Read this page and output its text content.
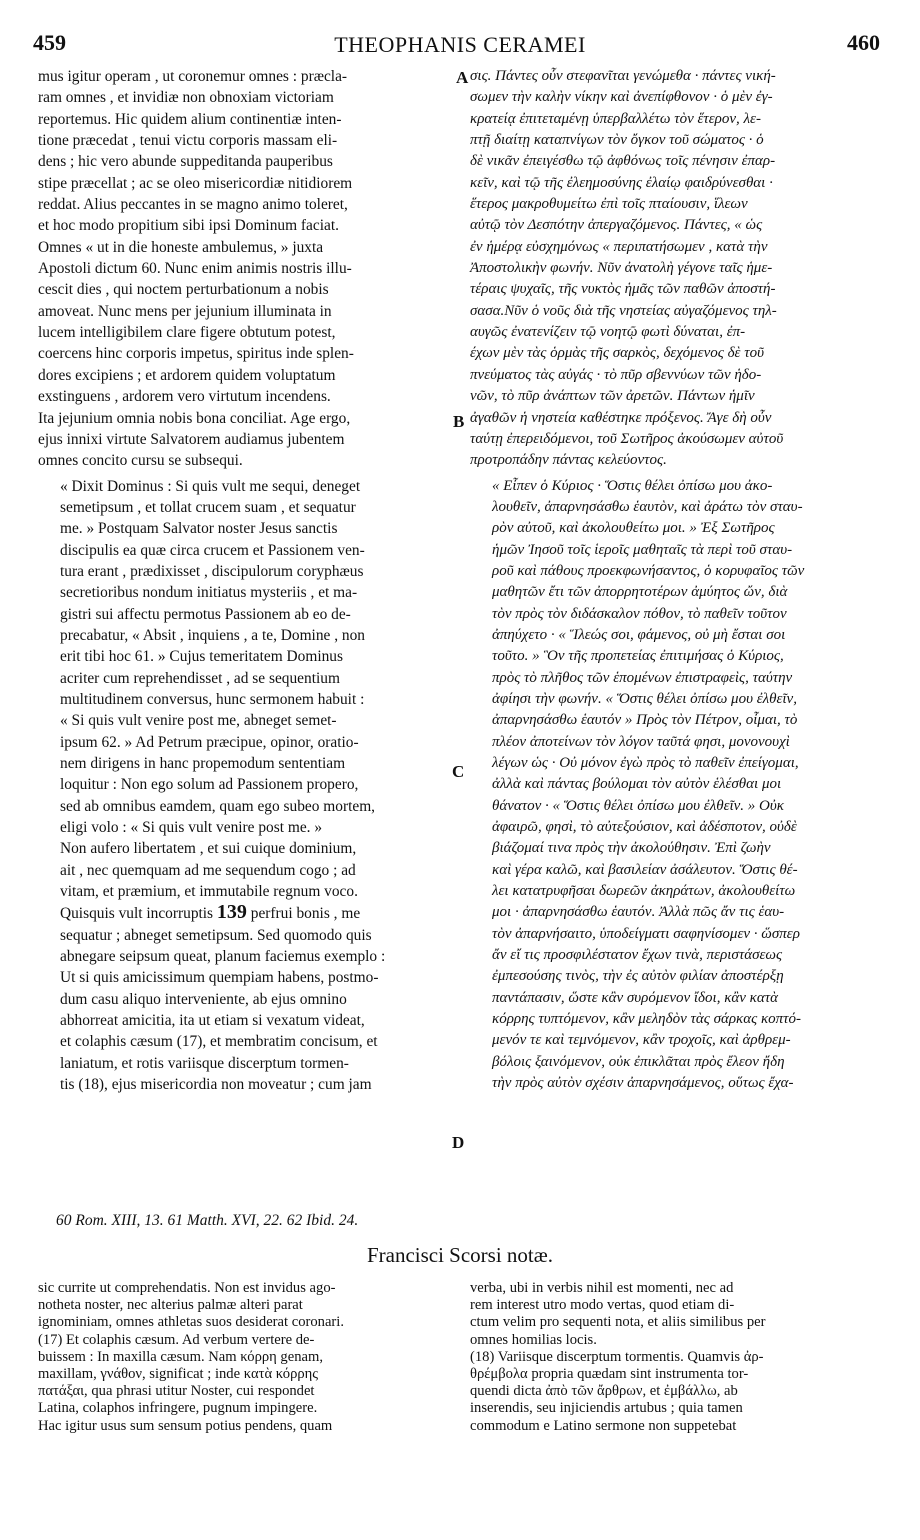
459	THEOPHANIS CERAMEI	460

mus igitur operam , ut coronemur omnes : præcla-
ram omnes , et invidiæ non obnoxiam victoriam
reportemus. Hic quidem alium continentiæ inten-
tione præcedat , tenui victu corporis massam eli-
dens ; hic vero abunde suppeditanda pauperibus
stipe præcellat ; ac se oleo misericordiæ nitidiorem
reddat. Alius peccantes in se magno animo toleret,
et hoc modo propitium sibi ipsi Dominum faciat.
Omnes « ut in die honeste ambulemus, » juxta
Apostoli dictum 60. Nunc enim animis nostris illu-
cescit dies , qui noctem perturbationum a nobis
amoveat. Nunc mens per jejunium illuminata in
lucem intelligibilem clare figere obtutum potest,
coercens hinc corporis impetus, spiritus inde splen-
dores excipiens ; et ardorem quidem voluptatum
exstinguens , ardorem vero virtutum incendens.
Ita jejunium omnia nobis bona conciliat. Age ergo,
ejus innixi virtute Salvatorem audiamus jubentem
omnes concito cursu se subsequi.

« Dixit Dominus : Si quis vult me sequi, deneget
semetipsum , et tollat crucem suam , et sequatur
me. » Postquam Salvator noster Jesus sanctis
discipulis ea quæ circa crucem et Passionem ven-
tura erant , prædixisset , discipulorum coryphæus
secretioribus nondum initiatus mysteriis , et ma-
gistri sui affectu permotus Passionem ab eo de-
precabatur, « Absit , inquiens , a te, Domine , non
erit tibi hoc 61. » Cujus temeritatem Dominus
acriter cum reprehendisset , ad se sequentium
multitudinem conversus, hunc sermonem habuit :
« Si quis vult venire post me, abneget semet-
ipsum 62. » Ad Petrum præcipue, opinor, oratio-
nem dirigens in hanc propemodum sententiam
loquitur : Non ego solum ad Passionem propero,
sed ab omnibus eamdem, quam ego subeo mortem,
eligi volo : « Si quis vult venire post me. »
Non aufero libertatem , et sui cuique dominium,
ait , nec quemquam ad me sequendum cogo ; ad
vitam, et præmium, et immutabile regnum voco.
Quisquis vult incorruptis 139 perfrui bonis , me
sequatur ; abneget semetipsum. Sed quomodo quis
abnegare seipsum queat, planum faciemus exemplo :
Ut si quis amicissimum quempiam habens, postmo-
dum casu aliquo interveniente, ab ejus omnino
abhorreat amicitia, ita ut etiam si vexatum videat,
et colaphis cæsum (17), et membratim concisum, et
laniatum, et rotis variisque discerptum tormen-
tis (18), ejus misericordia non moveatur ; cum jam

σις. Πάντες οὖν στεφανῖται γενώμεθα · πάντες νική-
σωμεν τὴν καλὴν νίκην καὶ ἀνεπίφθονον · ὁ μὲν ἐγ-
κρατείᾳ ἐπιτεταμένῃ ὑπερβαλλέτω τὸν ἕτερον, λε-
πτῇ διαίτῃ καταπνίγων τὸν ὄγκον τοῦ σώματος · ὁ
δὲ νικᾶν ἐπειγέσθω τῷ ἀφθόνως τοῖς πένησιν ἐπαρ-
κεῖν, καὶ τῷ τῆς ἐλεημοσύνης ἐλαίῳ φαιδρύνεσθαι ·
ἕτερος μακροθυμείτω ἐπὶ τοῖς πταίουσιν, ἵλεων
αὐτῷ τὸν Δεσπότην ἀπεργαζόμενος. Πάντες, « ὡς
ἐν ἡμέρᾳ εὐσχημόνως « περιπατήσωμεν , κατὰ τὴν
Ἀποστολικὴν φωνήν. Νῦν ἀνατολὴ γέγονε ταῖς ἡμε-
τέραις ψυχαῖς, τῆς νυκτὸς ἡμᾶς τῶν παθῶν ἀποστή-
σασα.Νῦν ὁ νοῦς διὰ τῆς νηστείας αὐγαζόμενος τηλ-
αυγῶς ἐνατενίζειν τῷ νοητῷ φωτὶ δύναται, ἐπ-
έχων μὲν τὰς ὁρμὰς τῆς σαρκὸς, δεχόμενος δὲ τοῦ
πνεύματος τὰς αὐγάς · τὸ πῦρ σβεννύων τῶν ἡδο-
νῶν, τὸ πῦρ ἀνάπτων τῶν ἀρετῶν. Πάντων ἡμῖν
ἀγαθῶν ἡ νηστεία καθέστηκε πρόξενος. Ἄγε δὴ οὖν
ταύτῃ ἐπερειδόμενοι, τοῦ Σωτῆρος ἀκούσωμεν αὐτοῦ
προτροπάδην πάντας κελεύοντος.

« Εἶπεν ὁ Κύριος · Ὅστις θέλει ὀπίσω μου ἀκο-
λουθεῖν, ἀπαρνησάσθω ἑαυτὸν, καὶ ἀράτω τὸν σταυ-
ρὸν αὐτοῦ, καὶ ἀκολουθείτω μοι. » Ἐξ Σωτῆρος
ἡμῶν Ἰησοῦ τοῖς ἱεροῖς μαθηταῖς τὰ περὶ τοῦ σταυ-
ροῦ καὶ πάθους προεκφωνήσαντος, ὁ κορυφαῖος τῶν
μαθητῶν ἔτι τῶν ἀπορρητοτέρων ἀμύητος ὤν, διὰ
τὸν πρὸς τὸν διδάσκαλον πόθον, τὸ παθεῖν τοῦτον
ἀπηύχετο · « Ἵλεώς σοι, φάμενος, οὐ μὴ ἔσται σοι
τοῦτο. » Ὃν τῆς προπετείας ἐπιτιμήσας ὁ Κύριος,
πρὸς τὸ πλῆθος τῶν ἑπομένων ἐπιστραφεὶς, ταύτην
ἀφίησι τὴν φωνήν. « Ὅστις θέλει ὀπίσω μου ἐλθεῖν,
ἀπαρνησάσθω ἑαυτόν » Πρὸς τὸν Πέτρον, οἶμαι, τὸ
πλέον ἀποτείνων τὸν λόγον ταῦτά φησι, μονονουχὶ
λέγων ὡς · Οὐ μόνον ἐγὼ πρὸς τὸ παθεῖν ἐπείγομαι,
ἀλλὰ καὶ πάντας βούλομαι τὸν αὐτὸν ἑλέσθαι μοι
θάνατον · « Ὅστις θέλει ὀπίσω μου ἐλθεῖν. » Οὐκ
ἀφαιρῶ, φησὶ, τὸ αὐτεξούσιον, καὶ ἀδέσποτον, οὐδὲ
βιάζομαί τινα πρὸς τὴν ἀκολούθησιν. Ἐπὶ ζωὴν
καὶ γέρα καλῶ, καὶ βασιλείαν ἀσάλευτον. Ὅστις θέ-
λει κατατρυφῆσαι δωρεῶν ἀκηράτων, ἀκολουθείτω
μοι · ἀπαρνησάσθω ἑαυτόν. Ἀλλὰ πῶς ἄν τις ἑαυ-
τὸν ἀπαρνήσαιτο, ὑποδείγματι σαφηνίσομεν · ὥσπερ
ἄν εἴ τις προσφιλέστατον ἔχων τινὰ, περιστάσεως
ἐμπεσούσης τινὸς, τὴν ἐς αὐτὸν φιλίαν ἀποστέρξῃ
παντάπασιν, ὥστε κἂν συρόμενον ἴδοι, κἂν κατὰ
κόρρης τυπτόμενον, κἂν μεληδὸν τὰς σάρκας κοπτό-
μενόν τε καὶ τεμνόμενον, κἂν τροχοῖς, καὶ ἀρθρεμ-
βόλοις ξαινόμενον, οὐκ ἐπικλᾶται πρὸς ἔλεον ἤδη
τὴν πρὸς αὐτὸν σχέσιν ἀπαρνησάμενος, οὕτως ἔχα-

A
B
C
D
60 Rom. XIII, 13. 61 Matth. XVI, 22. 62 Ibid. 24.
Francisci Scorsi notæ.
sic currite ut comprehendatis. Non est invidus ago-
notheta noster, nec alterius palmæ alteri parat
ignominiam, omnes athletas suos desiderat coronari.
(17) Et colaphis cæsum. Ad verbum vertere de-
buissem : In maxilla cæsum. Nam κόρρη genam,
maxillam, γνάθον, significat ; inde κατὰ κόρρης
πατάξαι, qua phrasi utitur Noster, cui respondet
Latina, colaphos infringere, pugnum impingere.
Hac igitur usus sum sensum potius pendens, quam
verba, ubi in verbis nihil est momenti, nec ad
rem interest utro modo vertas, quod etiam di-
ctum velim pro sequenti nota, et aliis similibus per
omnes homilias locis.
(18) Variisque discerptum tormentis. Quamvis ἀρ-
θρέμβολα propria quædam sint instrumenta tor-
quendi dicta ἀπὸ τῶν ἄρθρων, et ἐμβάλλω, ab
inserendis, seu injiciendis artubus ; quia tamen
commodum e Latino sermone non suppetebat
